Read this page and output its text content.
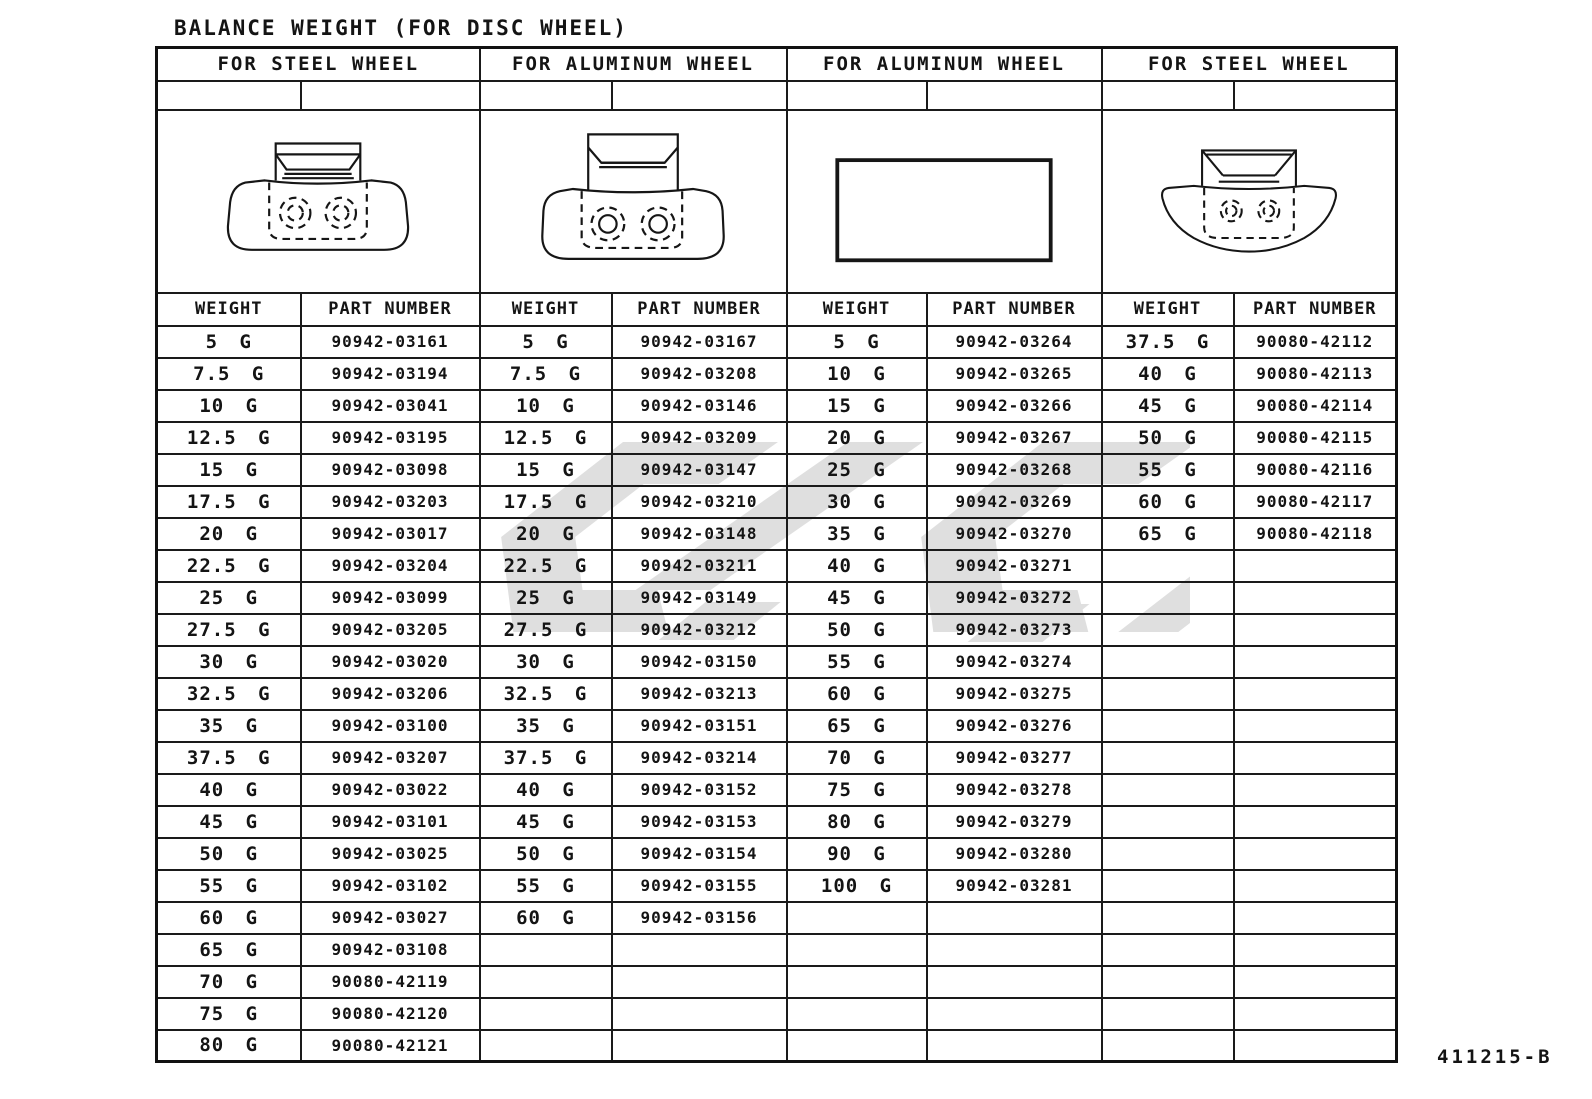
BALANCE WEIGHT (FOR DISC WHEEL)
FOR STEEL WHEEL		FOR ALUMINUM WHEEL		FOR ALUMINUM WHEEL		FOR STEEL WHEEL	

WEIGHT	PART NUMBER	WEIGHT	PART NUMBER	WEIGHT	PART NUMBER	WEIGHT	PART NUMBER
5 G	90942-03161	5 G	90942-03167	5 G	90942-03264	37.5 G	90080-42112
7.5 G	90942-03194	7.5 G	90942-03208	10 G	90942-03265	40 G	90080-42113
10 G	90942-03041	10 G	90942-03146	15 G	90942-03266	45 G	90080-42114
12.5 G	90942-03195	12.5 G	90942-03209	20 G	90942-03267	50 G	90080-42115
15 G	90942-03098	15 G	90942-03147	25 G	90942-03268	55 G	90080-42116
17.5 G	90942-03203	17.5 G	90942-03210	30 G	90942-03269	60 G	90080-42117
20 G	90942-03017	20 G	90942-03148	35 G	90942-03270	65 G	90080-42118
22.5 G	90942-03204	22.5 G	90942-03211	40 G	90942-03271		
25 G	90942-03099	25 G	90942-03149	45 G	90942-03272		
27.5 G	90942-03205	27.5 G	90942-03212	50 G	90942-03273		
30 G	90942-03020	30 G	90942-03150	55 G	90942-03274		
32.5 G	90942-03206	32.5 G	90942-03213	60 G	90942-03275		
35 G	90942-03100	35 G	90942-03151	65 G	90942-03276		
37.5 G	90942-03207	37.5 G	90942-03214	70 G	90942-03277		
40 G	90942-03022	40 G	90942-03152	75 G	90942-03278		
45 G	90942-03101	45 G	90942-03153	80 G	90942-03279		
50 G	90942-03025	50 G	90942-03154	90 G	90942-03280		
55 G	90942-03102	55 G	90942-03155	100 G	90942-03281		
60 G	90942-03027	60 G	90942-03156				
65 G	90942-03108						
70 G	90080-42119						
75 G	90080-42120						
80 G	90080-42121						
411215-B
